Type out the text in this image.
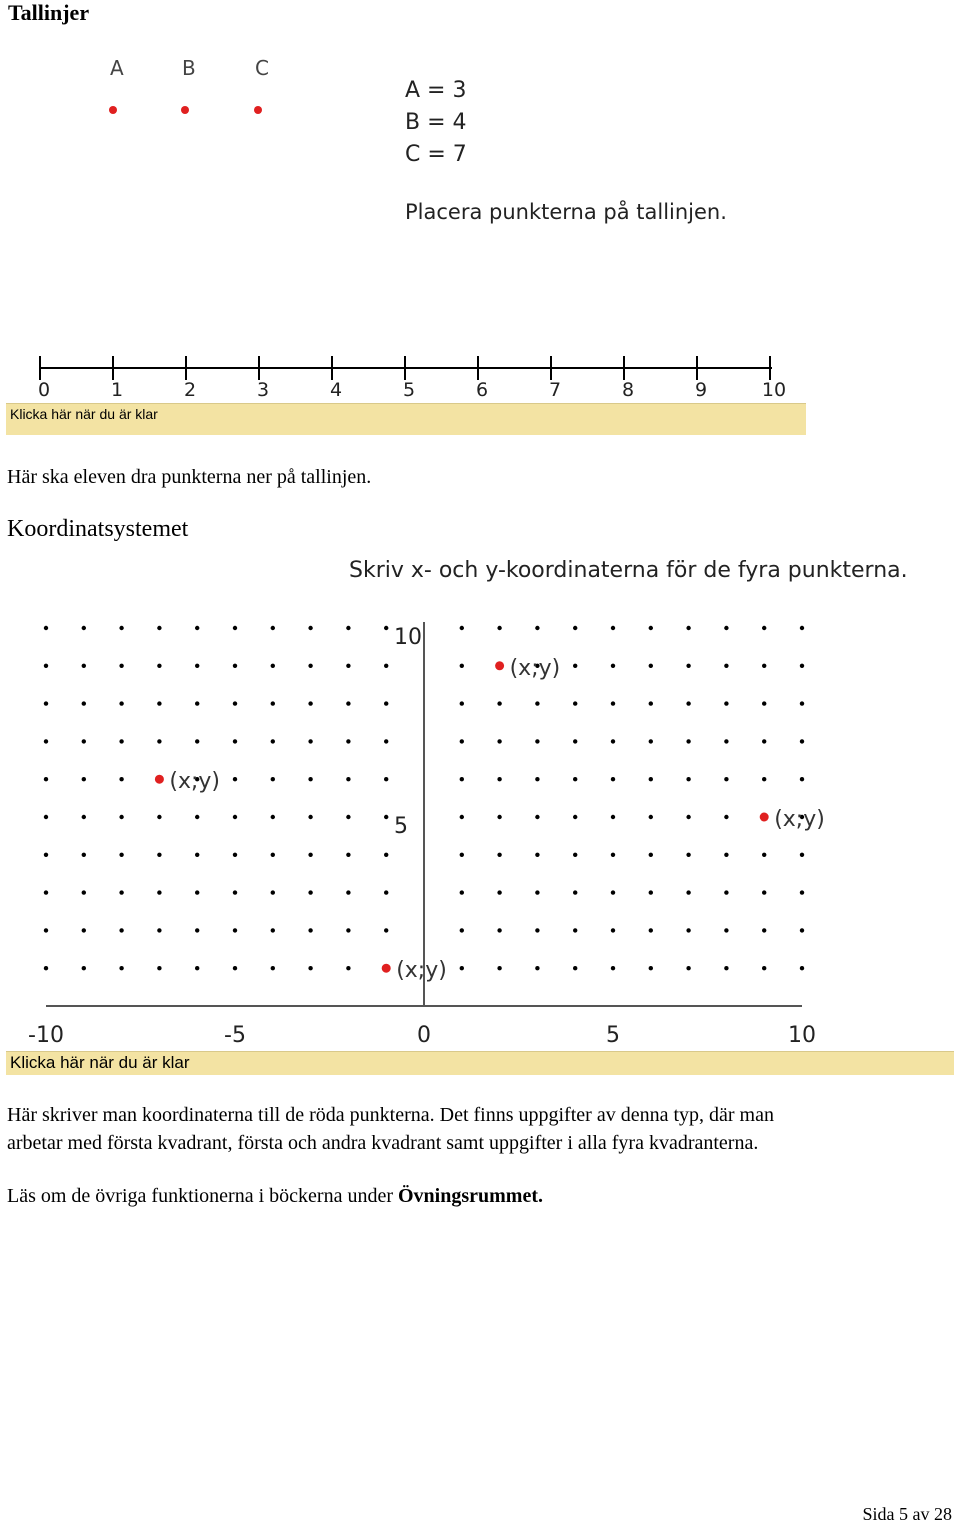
Tallinjer
A	B	C
A = 3
B = 4
C = 7
Placera punkterna på tallinjen.
0	1	2	3	4	5	6	7	8	9	10
Klicka här när du är klar
Här ska eleven dra punkterna ner på tallinjen.
Koordinatsystemet
Skriv x- och y-koordinaterna för de fyra punkterna.
-10	-5	0	5	10
5
10
(x;y)
(x;y)
(x;y)
(x;y)
Klicka här när du är klar
Här skriver man koordinaterna till de röda punkterna. Det finns uppgifter av denna typ, där man
arbetar med första kvadrant, första och andra kvadrant samt uppgifter i alla fyra kvadranterna.
Läs om de övriga funktionerna i böckerna under Övningsrummet.
Sida 5 av 28
